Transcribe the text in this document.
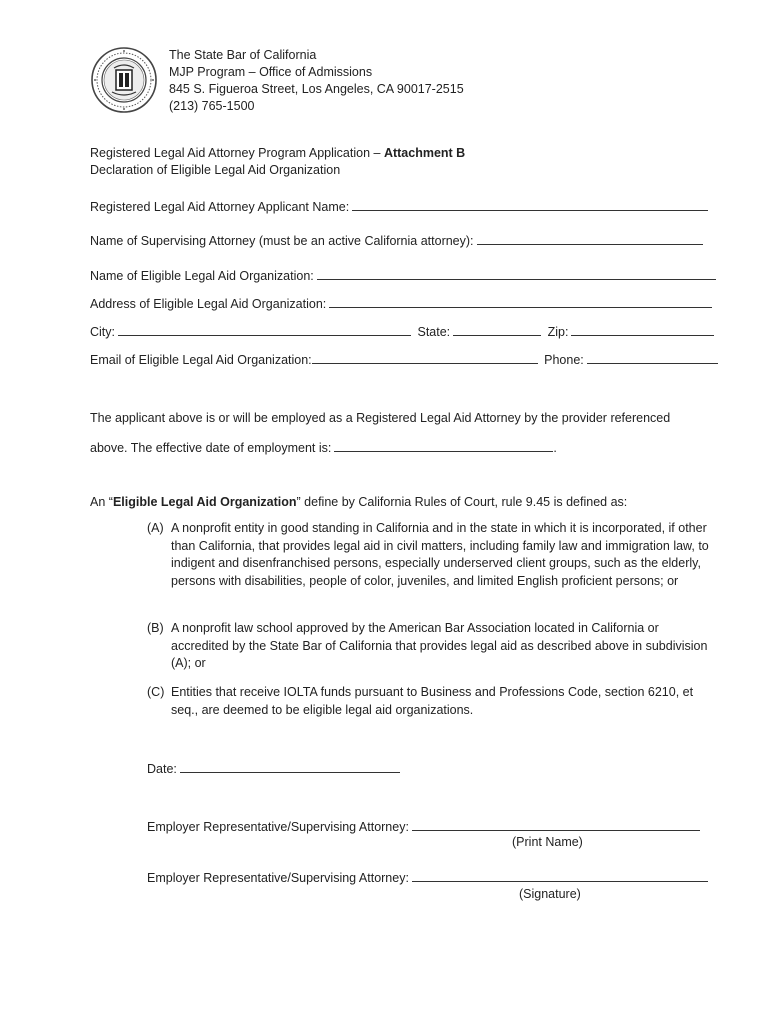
The State Bar of California
MJP Program – Office of Admissions
845 S. Figueroa Street, Los Angeles, CA 90017-2515
(213) 765-1500
Registered Legal Aid Attorney Program Application – Attachment B
Declaration of Eligible Legal Aid Organization
Registered Legal Aid Attorney Applicant Name:
Name of Supervising Attorney (must be an active California attorney):
Name of Eligible Legal Aid Organization:
Address of Eligible Legal Aid Organization:
City:	State:	Zip:
Email of Eligible Legal Aid Organization:	Phone:
The applicant above is or will be employed as a Registered Legal Aid Attorney by the provider referenced
above. The effective date of employment is:	.
An “Eligible Legal Aid Organization” define by California Rules of Court, rule 9.45 is defined as:
(A) A nonprofit entity in good standing in California and in the state in which it is incorporated, if other than California, that provides legal aid in civil matters, including family law and immigration law, to indigent and disenfranchised persons, especially underserved client groups, such as the elderly, persons with disabilities, people of color, juveniles, and limited English proficient persons; or
(B) A nonprofit law school approved by the American Bar Association located in California or accredited by the State Bar of California that provides legal aid as described above in subdivision (A); or
(C) Entities that receive IOLTA funds pursuant to Business and Professions Code, section 6210, et seq., are deemed to be eligible legal aid organizations.
Date:
Employer Representative/Supervising Attorney:
(Print Name)
Employer Representative/Supervising Attorney:
(Signature)
